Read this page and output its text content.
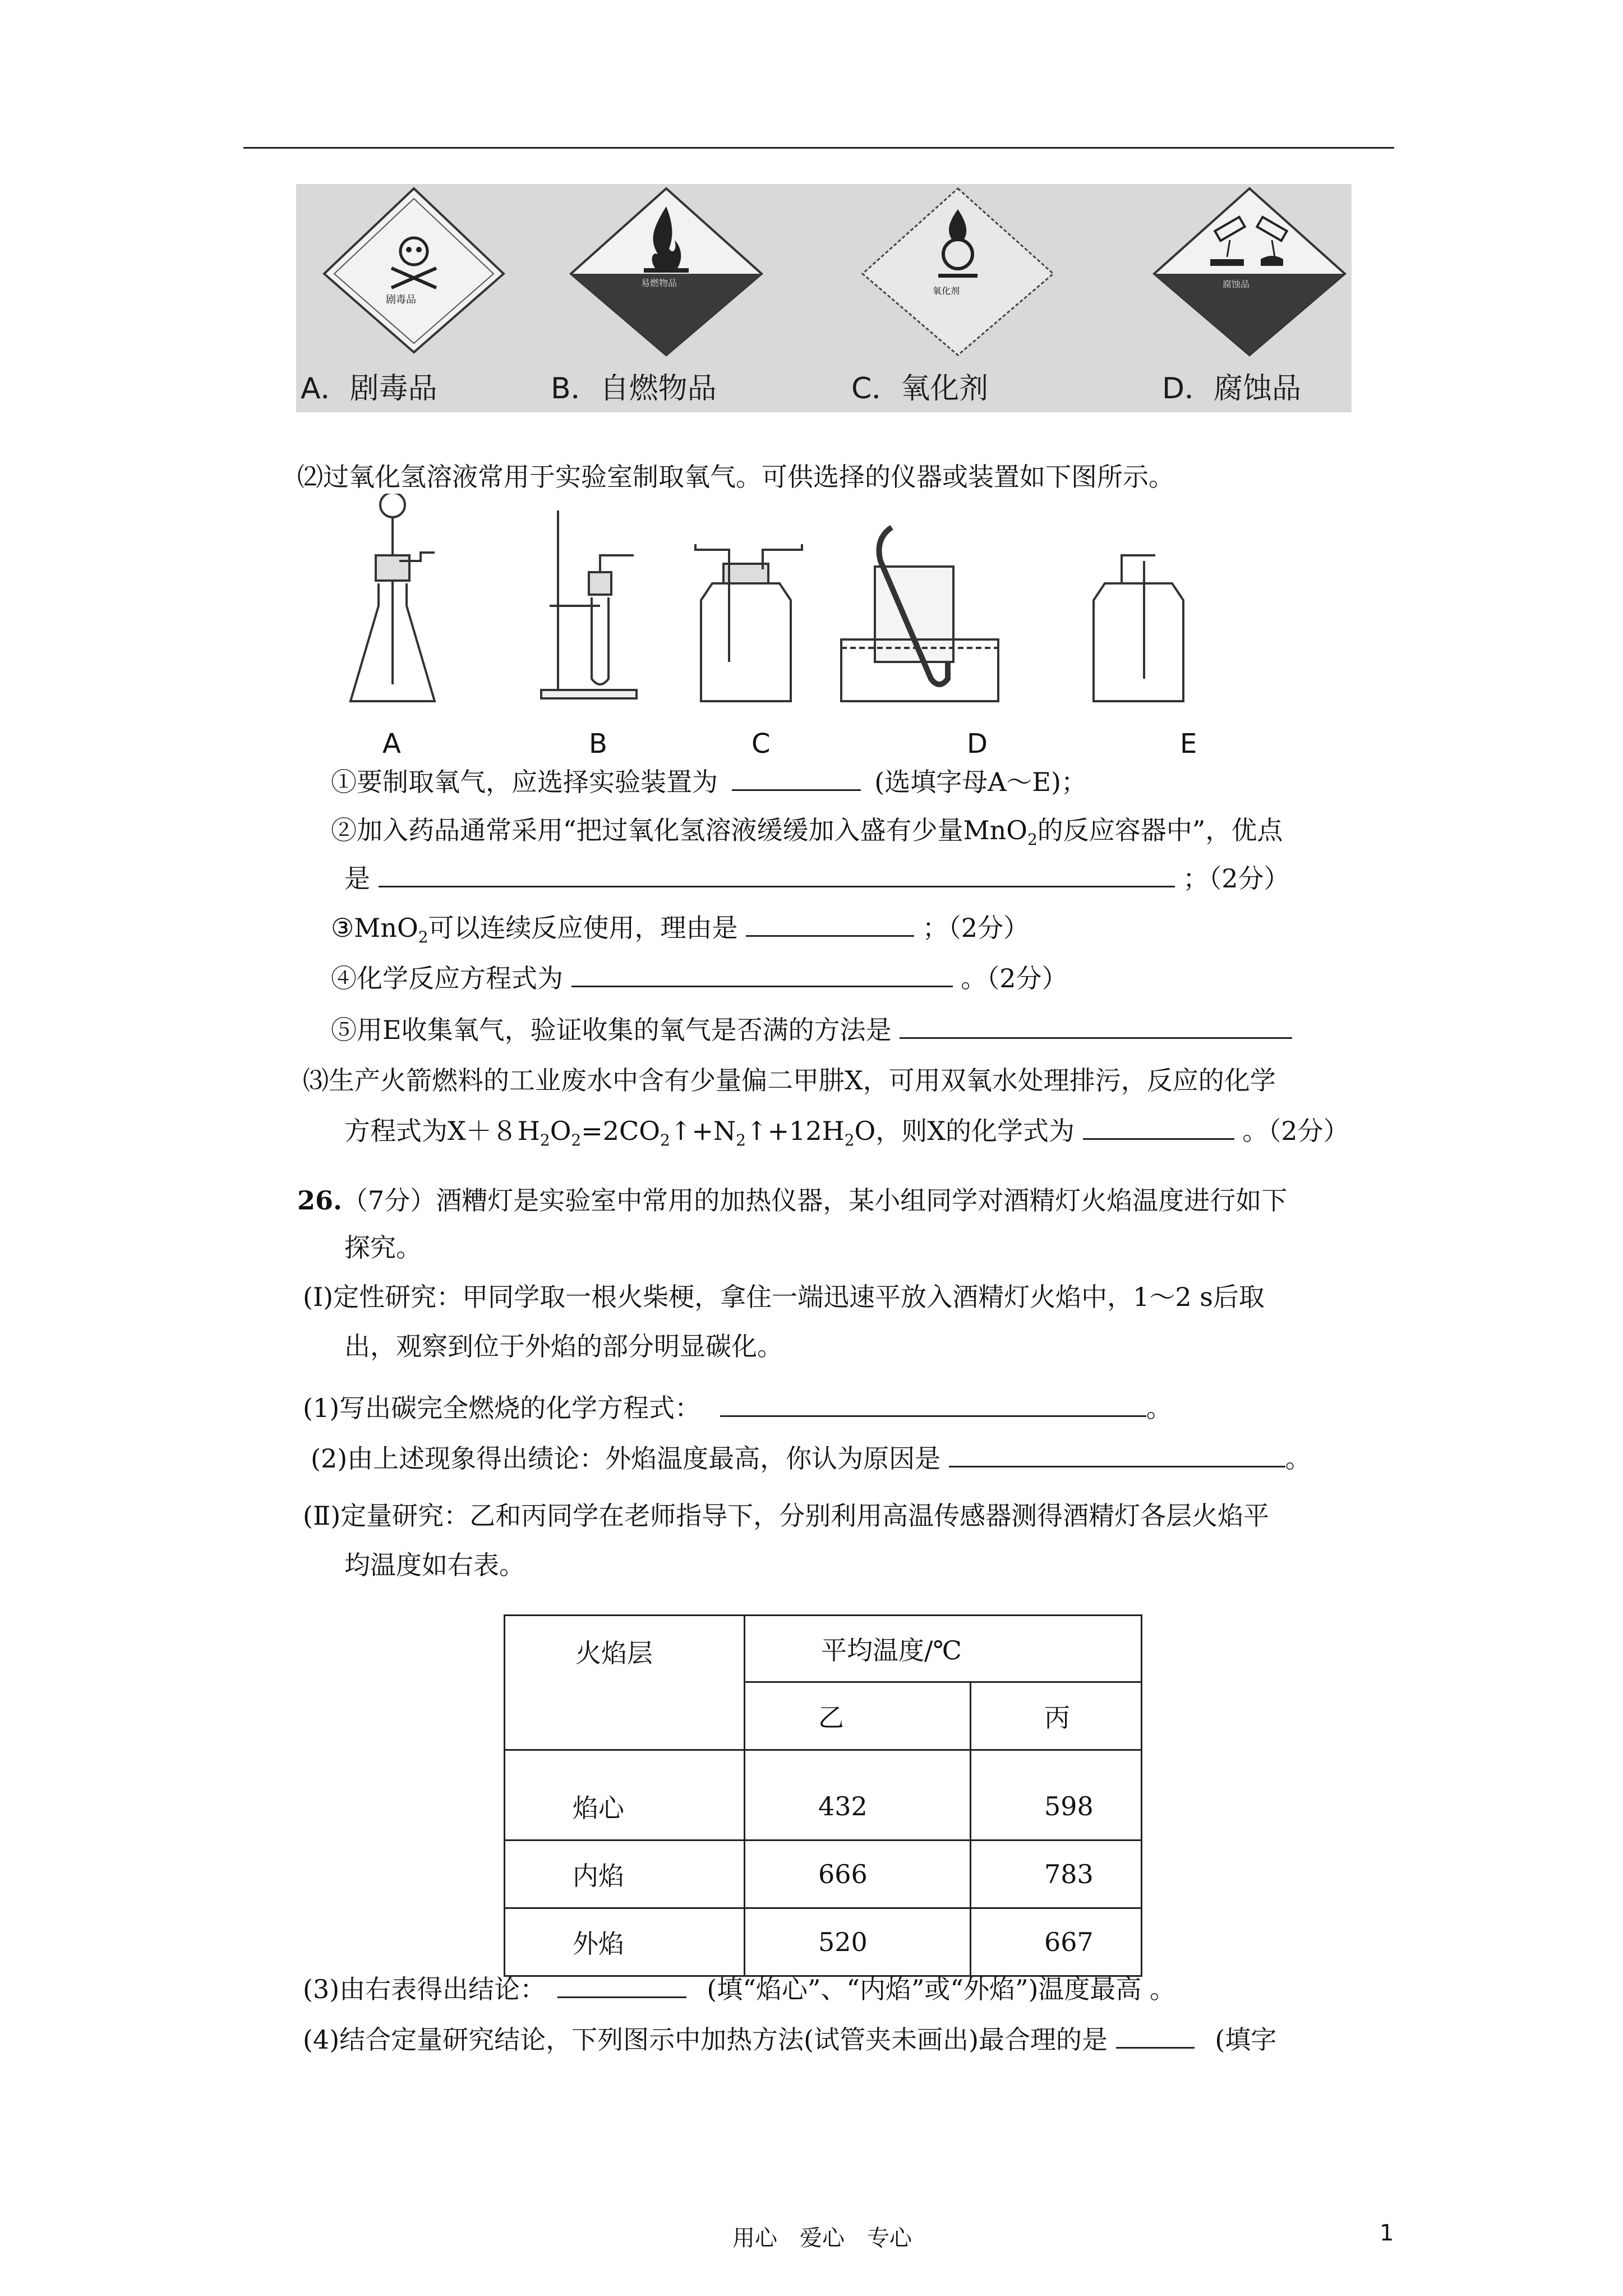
剧毒品
A．剧毒品
易燃物品
B．自燃物品
氧化剂
C．氧化剂
腐蚀品
D．腐蚀品
⑵过氧化氢溶液常用于实验室制取氧气。可供选择的仪器或装置如下图所示。
A	B	C	D	E
①要制取氧气，应选择实验装置为	(选填字母A～E)；
②加入药品通常采用“把过氧化氢溶液缓缓加入盛有少量MnO$_2$的反应容器中”，优点
是	；（2分）
③MnO$_2$可以连续反应使用，理由是	；（2分）
④化学反应方程式为	。（2分）
⑤用E收集氧气，验证收集的氧气是否满的方法是
⑶生产火箭燃料的工业废水中含有少量偏二甲肼X，可用双氧水处理排污，反应的化学
方程式为$X+8H_2O_2=2CO_2↑+N_2↑+12H_2O$，则X的化学式为	。（2分）
26.（7分）酒糟灯是实验室中常用的加热仪器，某小组同学对酒精灯火焰温度进行如下
探究。
(Ⅰ)定性研究：甲同学取一根火柴梗，拿住一端迅速平放入酒精灯火焰中，1～2 s后取
出，观察到位于外焰的部分明显碳化。
(1)写出碳完全燃烧的化学方程式：	。
(2)由上述现象得出绩论：外焰温度最高，你认为原因是	。
(Ⅱ)定量研究：乙和丙同学在老师指导下，分别利用高温传感器测得酒精灯各层火焰平
均温度如右表。
火焰层	平均温度/℃	
	乙	丙
焰心	432	598
内焰	666	783
外焰	520	667
(3)由右表得出结论：	(填“焰心”、“内焰”或“外焰”)温度最高 。
(4)结合定量研究结论，下列图示中加热方法(试管夹未画出)最合理的是	(填字
用心　爱心　专心	1
